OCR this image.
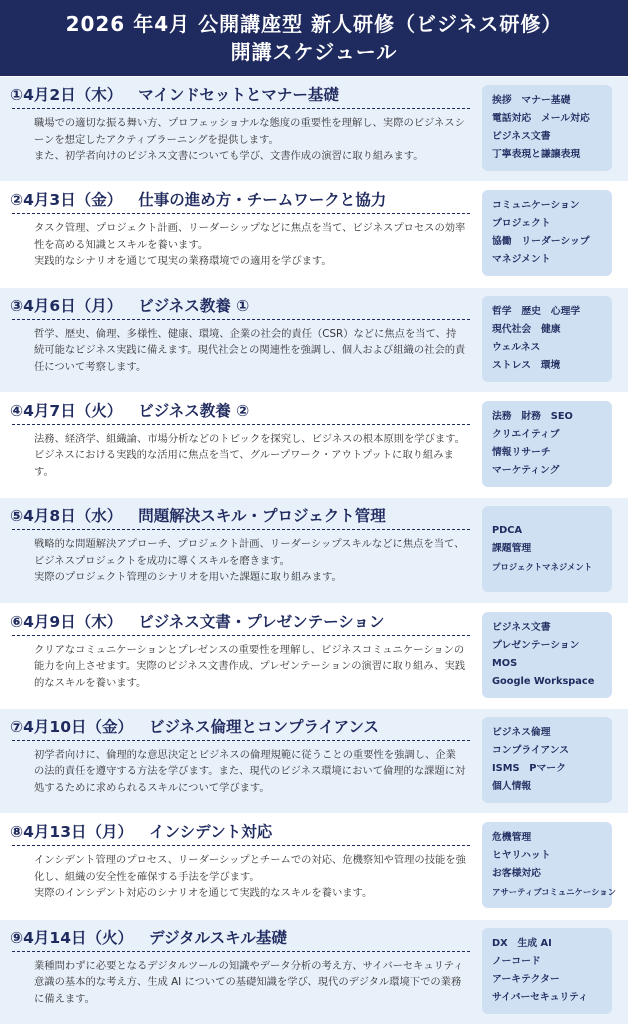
2026 年4月 公開講座型 新人研修（ビジネス研修）
開講スケジュール
①4月2日（木） マインドセットとマナー基礎

職場での適切な振る舞い方、プロフェッショナルな態度の重要性を理解し、実際のビジネスシーンを想定したアクティブラーニングを提供します。

また、初学者向けのビジネス文書についても学び、文書作成の演習に取り組みます。

挨拶　マナー基礎
電話対応　メール対応
ビジネス文書
丁寧表現と謙譲表現
②4月3日（金） 仕事の進め方・チームワークと協力

タスク管理、プロジェクト計画、リーダーシップなどに焦点を当て、ビジネスプロセスの効率性を高める知識とスキルを養います。

実践的なシナリオを通じて現実の業務環境での適用を学びます。

コミュニケーション
プロジェクト
協働　リーダーシップ
マネジメント
③4月6日（月） ビジネス教養 ①

哲学、歴史、倫理、多様性、健康、環境、企業の社会的責任（CSR）などに焦点を当て、持続可能なビジネス実践に備えます。現代社会との関連性を強調し、個人および組織の社会的責任について考察します。

哲学　歴史　心理学
現代社会　健康
ウェルネス
ストレス　環境
④4月7日（火） ビジネス教養 ②

法務、経済学、組織論、市場分析などのトピックを探究し、ビジネスの根本原則を学びます。ビジネスにおける実践的な活用に焦点を当て、グループワーク・アウトプットに取り組みます。

法務　財務　SEO
クリエイティブ
情報リサーチ
マーケティング
⑤4月8日（水） 問題解決スキル・プロジェクト管理

戦略的な問題解決アプローチ、プロジェクト計画、リーダーシップスキルなどに焦点を当て、ビジネスプロジェクトを成功に導くスキルを磨きます。

実際のプロジェクト管理のシナリオを用いた課題に取り組みます。

PDCA
課題管理
プロジェクトマネジメント
⑥4月9日（木） ビジネス文書・プレゼンテーション

クリアなコミュニケーションとプレゼンスの重要性を理解し、ビジネスコミュニケーションの能力を向上させます。実際のビジネス文書作成、プレゼンテーションの演習に取り組み、実践的なスキルを養います。

ビジネス文書
プレゼンテーション
MOS
Google Workspace
⑦4月10日（金） ビジネス倫理とコンプライアンス

初学者向けに、倫理的な意思決定とビジネスの倫理規範に従うことの重要性を強調し、企業の法的責任を遵守する方法を学びます。また、現代のビジネス環境において倫理的な課題に対処するために求められるスキルについて学びます。

ビジネス倫理
コンプライアンス
ISMS　Pマーク
個人情報
⑧4月13日（月） インシデント対応

インシデント管理のプロセス、リーダーシップとチームでの対応、危機察知や管理の技能を強化し、組織の安全性を確保する手法を学びます。

実際のインシデント対応のシナリオを通じて実践的なスキルを養います。

危機管理
ヒヤリハット
お客様対応
アサーティブコミュニケーション
⑨4月14日（火） デジタルスキル基礎

業種問わずに必要となるデジタルツールの知識やデータ分析の考え方、サイバーセキュリティ意識の基本的な考え方、生成 AI についての基礎知識を学び、現代のデジタル環境下での業務に備えます。

DX　生成 AI
ノーコード
アーキテクター
サイバーセキュリティ
